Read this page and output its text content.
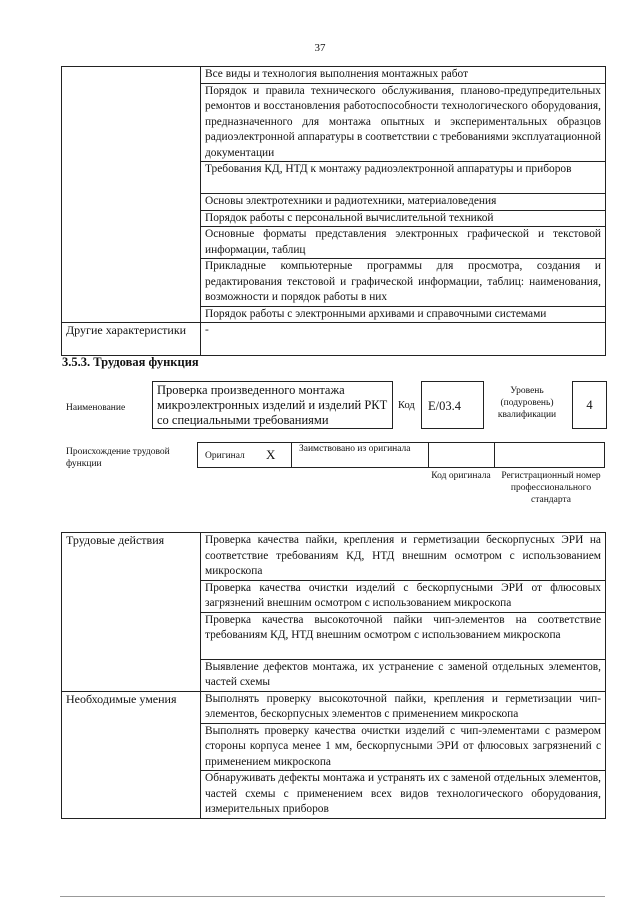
37
	Все виды и технология выполнения монтажных работ
	Порядок и правила технического обслуживания, планово-предупредительных ремонтов и восстановления работоспособности технологического оборудования, предназначенного для монтажа опытных и экспериментальных образцов радиоэлектронной аппаратуры в соответствии с требованиями эксплуатационной документации
	Требования КД, НТД к монтажу радиоэлектронной аппаратуры и приборов
	Основы электротехники и радиотехники, материаловедения
	Порядок работы с персональной вычислительной техникой
	Основные форматы представления электронных графической и текстовой информации, таблиц
	Прикладные компьютерные программы для просмотра, создания и редактирования текстовой и графической информации, таблиц: наименования, возможности и порядок работы в них
	Порядок работы с электронными архивами и справочными системами
Другие характеристики	-
3.5.3. Трудовая функция
Наименование
Проверка произведенного монтажа микроэлектронных изделий и изделий РКТ со специальными требованиями
Код Е/03.4
Уровень (подуровень) квалификации
4
Происхождение трудовой функции
Оригинал X Заимствовано из оригинала
Код оригинала	Регистрационный номер профессионального стандарта
Трудовые действия	Проверка качества пайки, крепления и герметизации бескорпусных ЭРИ на соответствие требованиям КД, НТД внешним осмотром с использованием микроскопа
	Проверка качества очистки изделий с бескорпусными ЭРИ от флюсовых загрязнений внешним осмотром с использованием микроскопа
	Проверка качества высокоточной пайки чип-элементов на соответствие требованиям КД, НТД внешним осмотром с использованием микроскопа
	Выявление дефектов монтажа, их устранение с заменой отдельных элементов, частей схемы
Необходимые умения	Выполнять проверку высокоточной пайки, крепления и герметизации чип-элементов, бескорпусных элементов с применением микроскопа
	Выполнять проверку качества очистки изделий с чип-элементами с размером стороны корпуса менее 1 мм, бескорпусными ЭРИ от флюсовых загрязнений с применением микроскопа
	Обнаруживать дефекты монтажа и устранять их с заменой отдельных элементов, частей схемы с применением всех видов технологического оборудования, измерительных приборов
